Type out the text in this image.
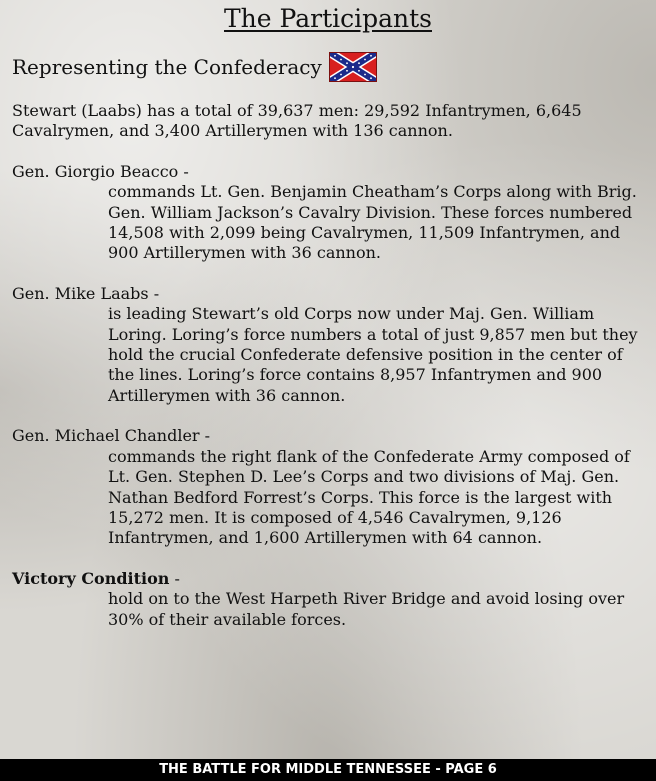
The Participants
Representing the Confederacy

Stewart (Laabs) has a total of 39,637 men: 29,592 Infantrymen, 6,645 Cavalrymen, and 3,400 Artillerymen with 136 cannon.

Gen. Giorgio Beacco -

commands Lt. Gen. Benjamin Cheatham’s Corps along with Brig. Gen. William Jackson’s Cavalry Division. These forces numbered 14,508 with 2,099 being Cavalrymen, 11,509 Infantrymen, and 900 Artillerymen with 36 cannon.

Gen. Mike Laabs -

is leading Stewart’s old Corps now under Maj. Gen. William Loring. Loring’s force numbers a total of just 9,857 men but they hold the crucial Confederate defensive position in the center of the lines. Loring’s force contains 8,957 Infantrymen and 900 Artillerymen with 36 cannon.

Gen. Michael Chandler -

commands the right flank of the Confederate Army composed of Lt. Gen. Stephen D. Lee’s Corps and two divisions of Maj. Gen. Nathan Bedford Forrest’s Corps. This force is the largest with 15,272 men. It is composed of 4,546 Cavalrymen, 9,126 Infantrymen, and 1,600 Artillerymen with 64 cannon.

Victory Condition -

hold on to the West Harpeth River Bridge and avoid losing over 30% of their available forces.

THE BATTLE FOR MIDDLE TENNESSEE - PAGE 6
